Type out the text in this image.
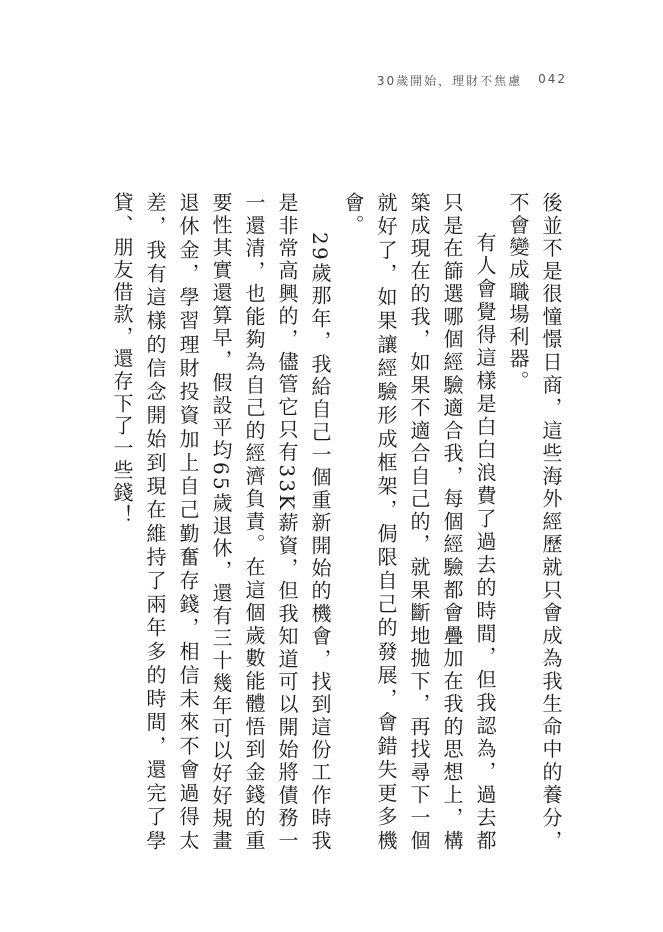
30歲開始，理財不焦慮 042

後並不是很憧憬日商，這些海外經歷就只會成為我生命中的養分，不會變成職場利器。

有人會覺得這樣是白白浪費了過去的時間，但我認為，過去都只是在篩選哪個經驗適合我，每個經驗都會疊加在我的思想上，構築成現在的我，如果不適合自己的，就果斷地拋下，再找尋下一個就好了，如果讓經驗形成框架，侷限自己的發展，會錯失更多機會。

29歲那年，我給自己一個重新開始的機會，找到這份工作時我是非常高興的，儘管它只有33K薪資，但我知道可以開始將債務一一還清，也能夠為自己的經濟負責。在這個歲數能體悟到金錢的重要性其實還算早，假設平均65歲退休，還有三十幾年可以好好規畫退休金，學習理財投資加上自己勤奮存錢，相信未來不會過得太差，我有這樣的信念開始到現在維持了兩年多的時間，還完了學貸、朋友借款，還存下了一些錢！
